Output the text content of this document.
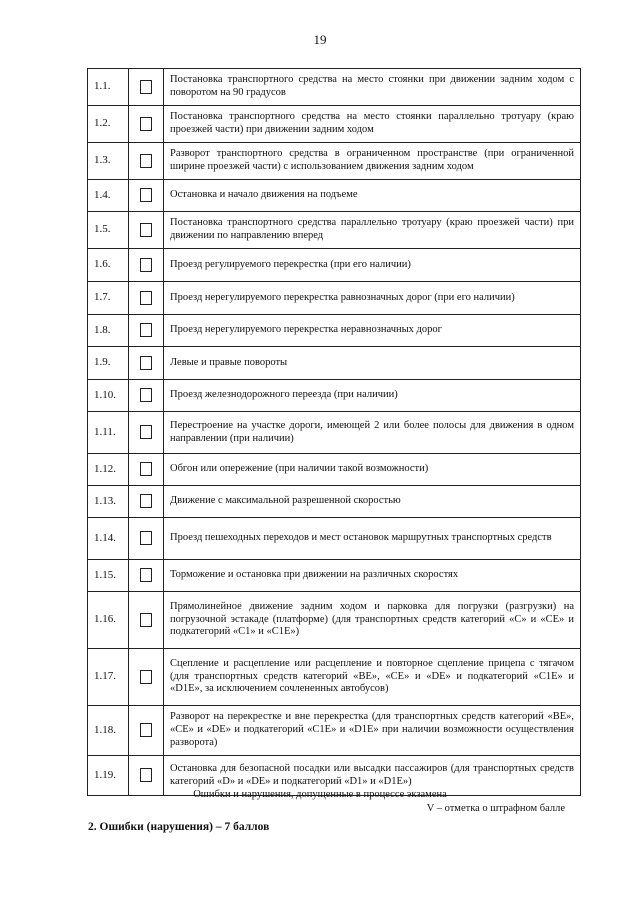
19
1.1.		Постановка транспортного средства на место стоянки при движении задним ходом с поворотом на 90 градусов
1.2.		Постановка транспортного средства на место стоянки параллельно тротуару (краю проезжей части) при движении задним ходом
1.3.		Разворот транспортного средства в ограниченном пространстве (при ограниченной ширине проезжей части) с использованием движения задним ходом
1.4.		Остановка и начало движения на подъеме
1.5.		Постановка транспортного средства параллельно тротуару (краю проезжей части) при движении по направлению вперед
1.6.		Проезд регулируемого перекрестка (при его наличии)
1.7.		Проезд нерегулируемого перекрестка равнозначных дорог (при его наличии)
1.8.		Проезд нерегулируемого перекрестка неравнозначных дорог
1.9.		Левые и правые повороты
1.10.		Проезд железнодорожного переезда (при наличии)
1.11.		Перестроение на участке дороги, имеющей 2 или более полосы для движения в одном направлении (при наличии)
1.12.		Обгон или опережение (при наличии такой возможности)
1.13.		Движение с максимальной разрешенной скоростью
1.14.		Проезд пешеходных переходов и мест остановок маршрутных транспортных средств
1.15.		Торможение и остановка при движении на различных скоростях
1.16.		Прямолинейное движение задним ходом и парковка для погрузки (разгрузки) на погрузочной эстакаде (платформе) (для транспортных средств категорий «С» и «СЕ» и подкатегорий «С1» и «С1Е»)
1.17.		Сцепление и расцепление или расцепление и повторное сцепление прицепа с тягачом (для транспортных средств категорий «ВЕ», «СЕ» и «DE» и подкатегорий «С1Е» и «D1E», за исключением сочлененных автобусов)
1.18.		Разворот на перекрестке и вне перекрестка (для транспортных средств категорий «ВЕ», «СЕ» и «DE» и подкатегорий «С1Е» и «D1E» при наличии возможности осуществления разворота)
1.19.		Остановка для безопасной посадки или высадки пассажиров (для транспортных средств категорий «D» и «DE» и подкатегорий «D1» и «D1E»)
Ошибки и нарушения, допущенные в процессе экзамена
V – отметка о штрафном балле
2. Ошибки (нарушения) – 7 баллов
